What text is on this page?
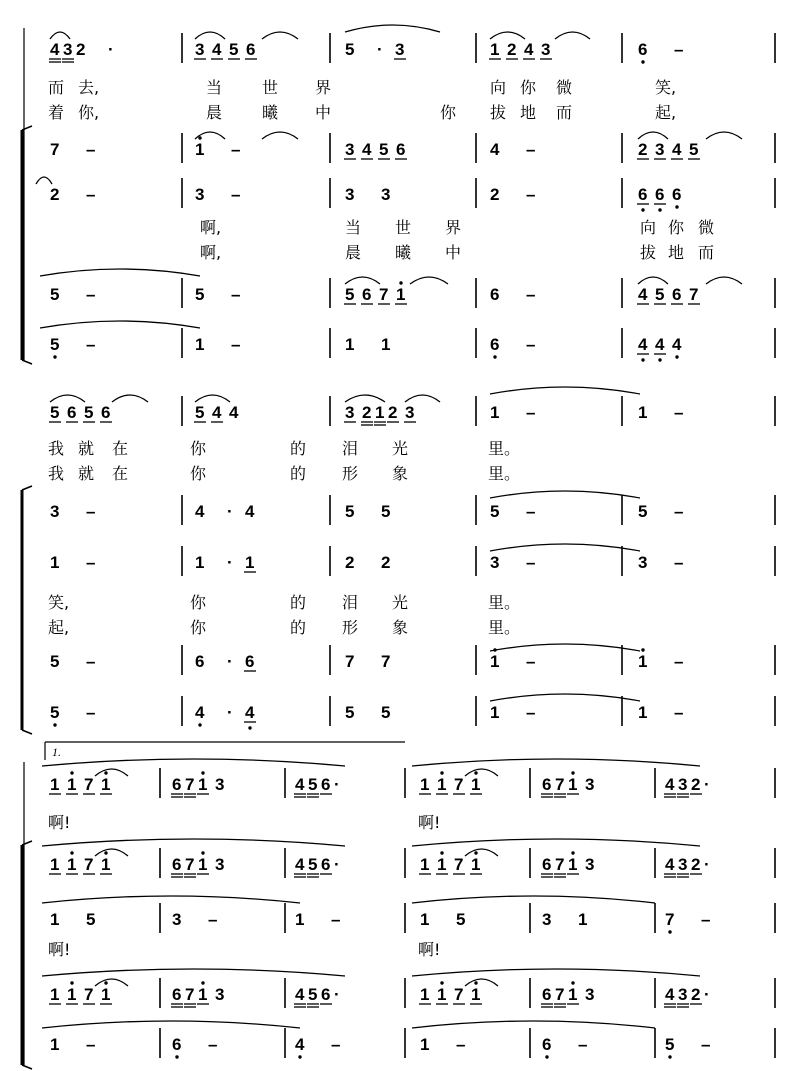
4 3 2 ·	3 4 5 6	5 · 3	1 2 4 3	6 –
7 –	1 –	3 4 5 6	4 –	2 3 4 5
2 –	3 –	3 3	2 –	6 6 6
5 –	5 –	5 6 7 1	6 –	4 5 6 7
5 –	1 –	1 1	6 –	4 4 4
而 去,	当 世 界	向 你 微	笑,
着 你,	晨 曦 中	你 拔 地 而	起,
啊,	当 世 界	向 你 微
啊,	晨 曦 中	拔 地 而
5 6 5 6	5 4 4	3 2 1 2 3	1 –	1 –
3 –	4 · 4	5 5	5 –	5 –
1 –	1 · 1	2 2	3 –	3 –
5 –	6 · 6	7 7	1 –	1 –
5 –	4 · 4	5 5	1 –	1 –
我 就 在	你	的 泪 光	里。
我 就 在	你	的 形 象	里。
笑,	你	的 泪 光	里。
起,	你	的 形 象	里。
1.
1 1 7 1	6 7 1 3	4 5 6 ·	1 1 7 1	6 7 1 3	4 3 2 ·
1 1 7 1	6 7 1 3	4 5 6 ·	1 1 7 1	6 7 1 3	4 3 2 ·
1 5	3 –	1 –	1 5	3 1	7 –
1 1 7 1	6 7 1 3	4 5 6 ·	1 1 7 1	6 7 1 3	4 3 2 ·
1 –	6 –	4 –	1 –	6 –	5 –
啊!	啊!
啊!	啊!
